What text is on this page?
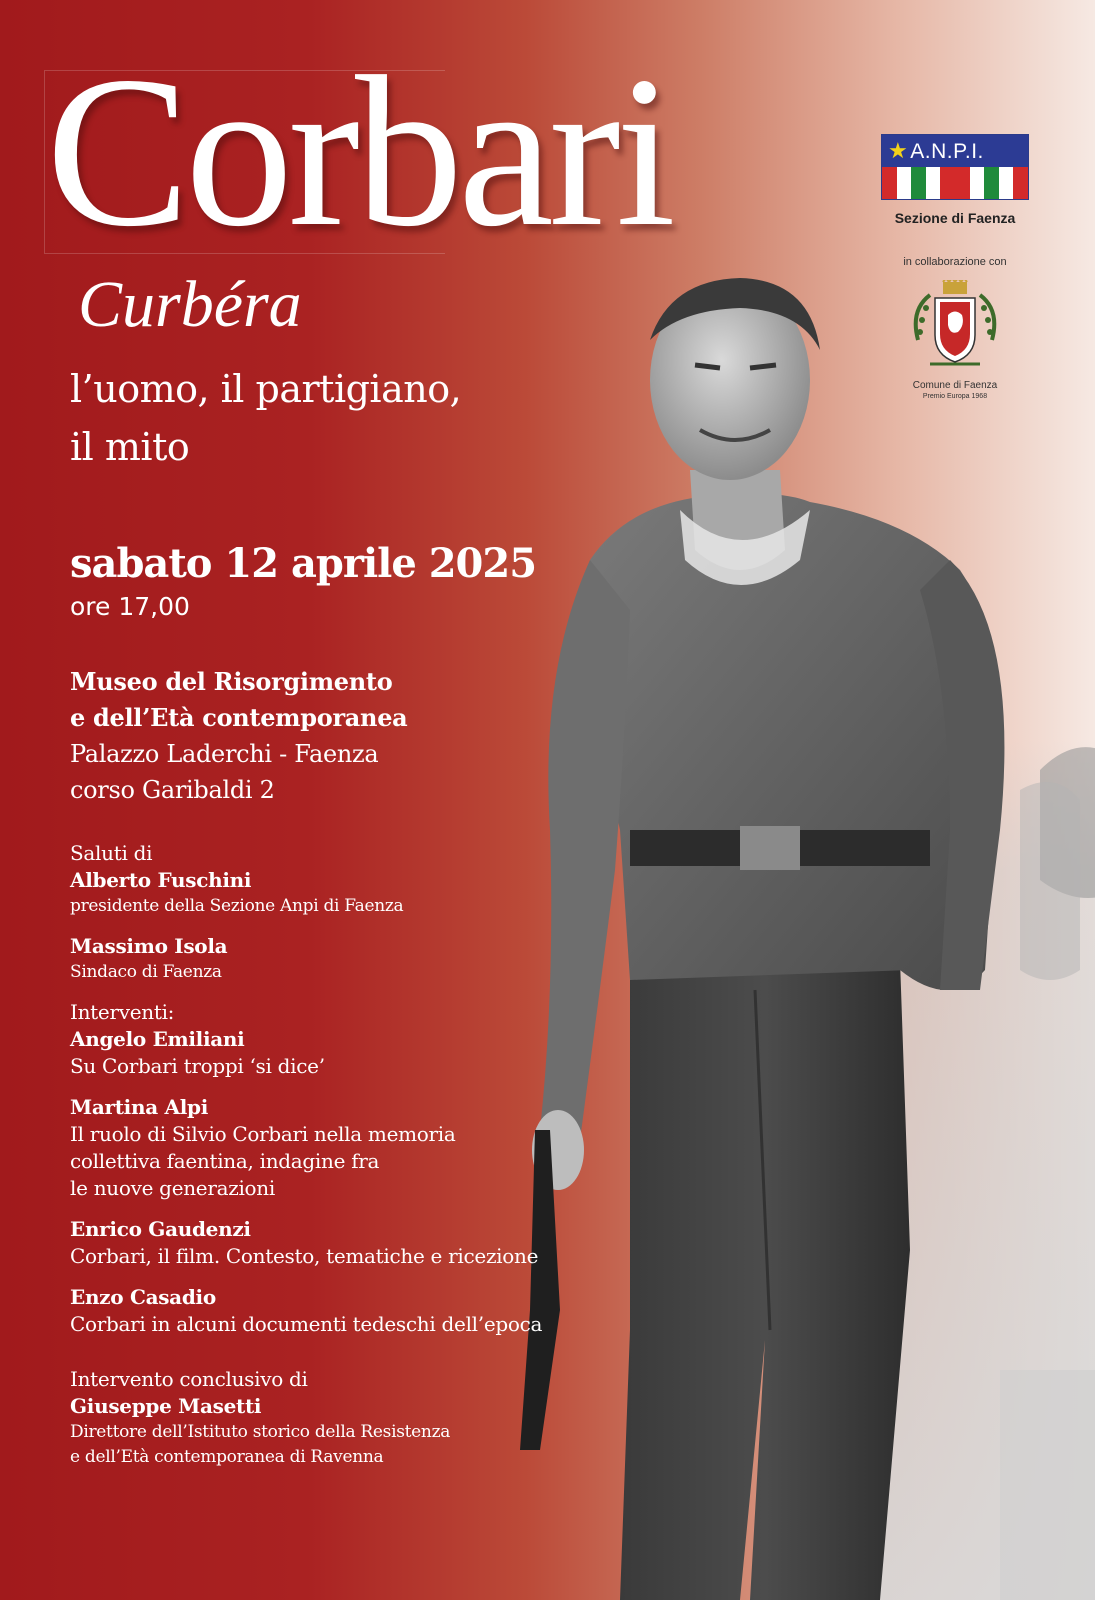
Corbari
Curbéra
l’uomo, il partigiano,
il mito
sabato 12 aprile 2025
ore 17,00
Museo del Risorgimento
e dell’Età contemporanea
Palazzo Laderchi - Faenza
corso Garibaldi 2
Saluti di
Alberto Fuschini
presidente della Sezione Anpi di Faenza
Massimo Isola
Sindaco di Faenza
Interventi:
Angelo Emiliani
Su Corbari troppi ‘si dice’
Martina Alpi
Il ruolo di Silvio Corbari nella memoria
collettiva faentina, indagine fra
le nuove generazioni
Enrico Gaudenzi
Corbari, il film. Contesto, tematiche e ricezione
Enzo Casadio
Corbari in alcuni documenti tedeschi dell’epoca
Intervento conclusivo di
Giuseppe Masetti
Direttore dell’Istituto storico della Resistenza
e dell’Età contemporanea di Ravenna
★A.N.P.I.
Sezione di Faenza
in collaborazione con
Comune di Faenza
Premio Europa 1968
